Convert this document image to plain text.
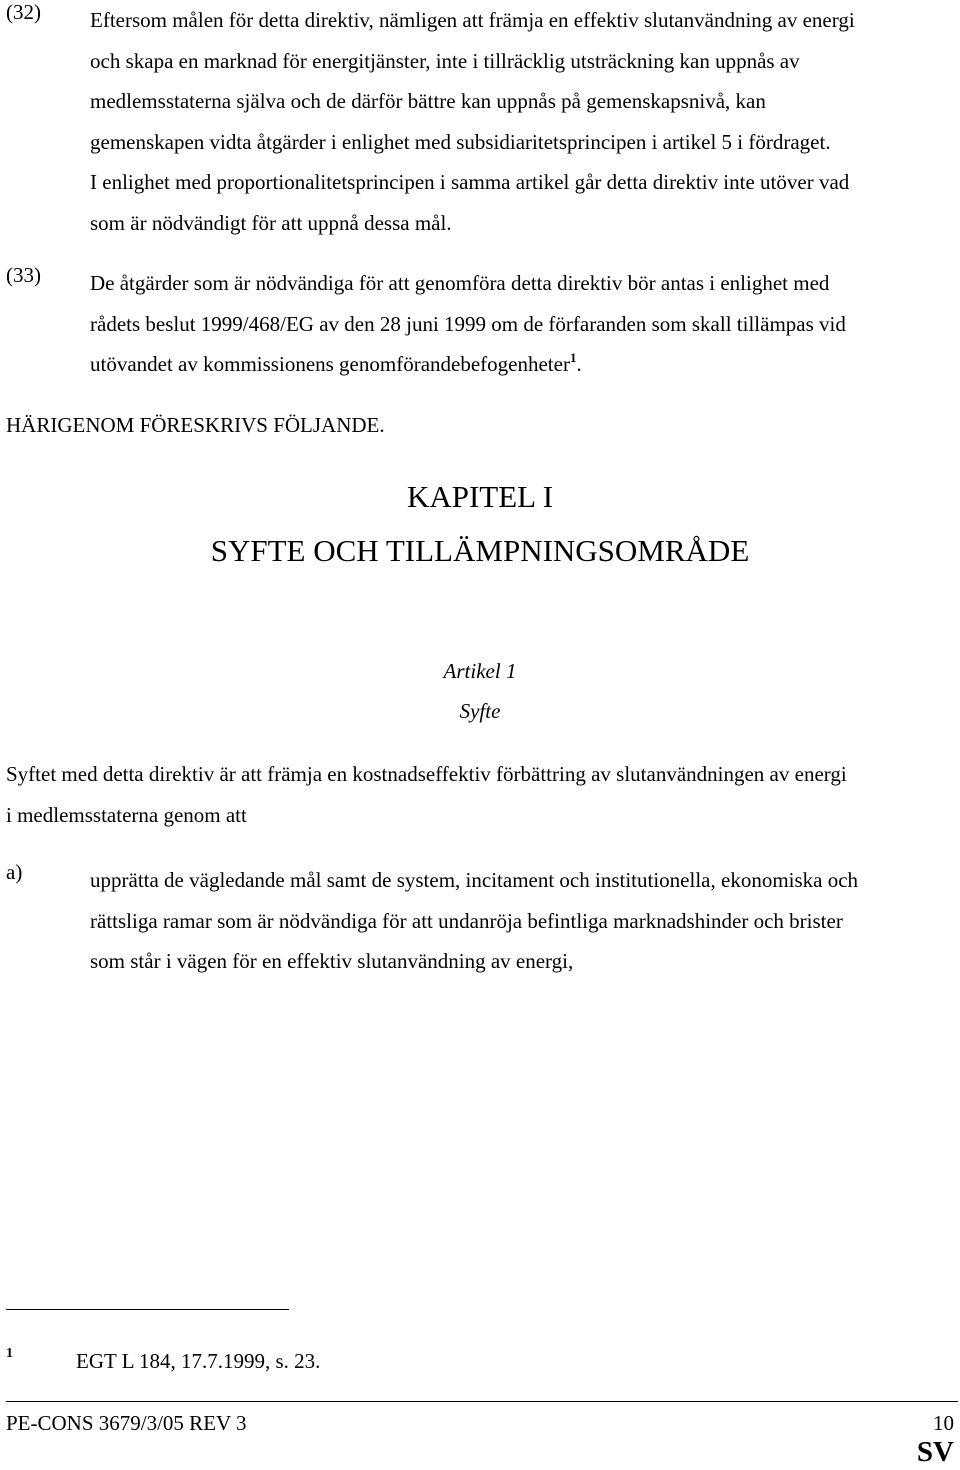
(32) Eftersom målen för detta direktiv, nämligen att främja en effektiv slutanvändning av energi

och skapa en marknad för energitjänster, inte i tillräcklig utsträckning kan uppnås av

medlemsstaterna själva och de därför bättre kan uppnås på gemenskapsnivå, kan

gemenskapen vidta åtgärder i enlighet med subsidiaritetsprincipen i artikel 5 i fördraget.

I enlighet med proportionalitetsprincipen i samma artikel går detta direktiv inte utöver vad

som är nödvändigt för att uppnå dessa mål.

(33) De åtgärder som är nödvändiga för att genomföra detta direktiv bör antas i enlighet med

rådets beslut 1999/468/EG av den 28 juni 1999 om de förfaranden som skall tillämpas vid

utövandet av kommissionens genomförandebefogenheter$^1$.

HÄRIGENOM FÖRESKRIVS FÖLJANDE.
KAPITEL I
SYFTE OCH TILLÄMPNINGSOMRÅDE
Artikel 1
Syfte

Syftet med detta direktiv är att främja en kostnadseffektiv förbättring av slutanvändningen av energi

i medlemsstaterna genom att

a)	upprätta de vägledande mål samt de system, incitament och institutionella, ekonomiska och

rättsliga ramar som är nödvändiga för att undanröja befintliga marknadshinder och brister

som står i vägen för en effektiv slutanvändning av energi,

1	EGT L 184, 17.7.1999, s. 23.
PE-CONS 3679/3/05 REV 3	10
SV
